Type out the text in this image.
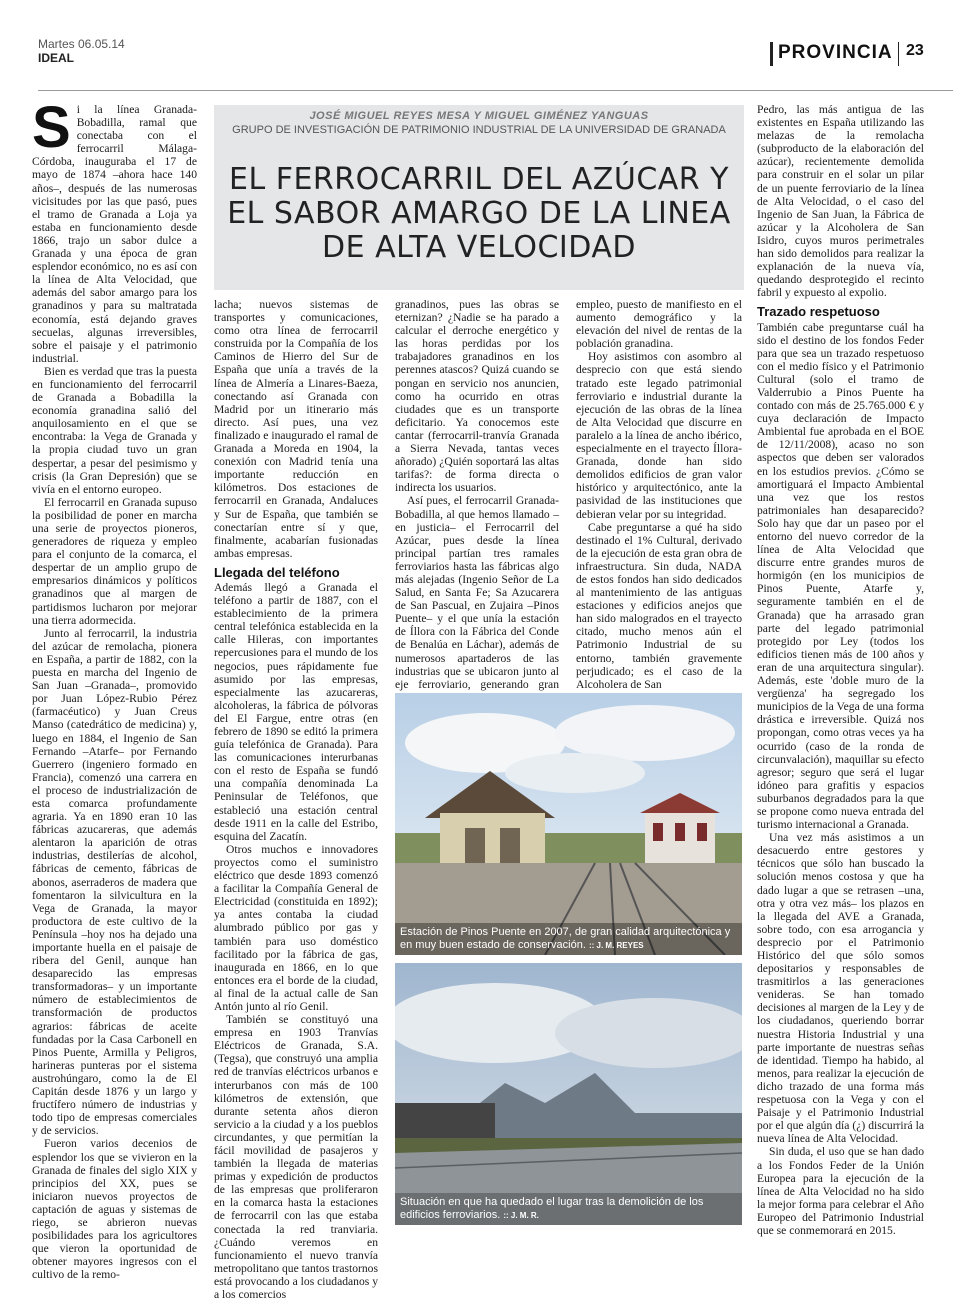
Martes 06.05.14
IDEAL	PROVINCIA 23
JOSÉ MIGUEL REYES MESA Y MIGUEL GIMÉNEZ YANGUAS
GRUPO DE INVESTIGACIÓN DE PATRIMONIO INDUSTRIAL DE LA UNIVERSIDAD DE GRANADA
EL FERROCARRIL DEL AZÚCAR Y EL SABOR AMARGO DE LA LINEA DE ALTA VELOCIDAD
S i la línea Granada-Bobadilla, ramal que conectaba con el ferrocarril Málaga-Córdoba, inauguraba el 17 de mayo de 1874 –ahora hace 140 años–, después de las numerosas vicisitudes por las que pasó, pues el tramo de Granada a Loja ya estaba en funcionamiento desde 1866, trajo un sabor dulce a Granada y una época de gran esplendor económico, no es así con la línea de Alta Velocidad, que además del sabor amargo para los granadinos y para su maltratada economía, está dejando graves secuelas, algunas irreversibles, sobre el paisaje y el patrimonio industrial.

Bien es verdad que tras la puesta en funcionamiento del ferrocarril de Granada a Bobadilla la economía granadina salió del anquilosamiento en el que se encontraba: la Vega de Granada y la propia ciudad tuvo un gran despertar, a pesar del pesimismo y crisis (la Gran Depresión) que se vivía en el entorno europeo.

El ferrocarril en Granada supuso la posibilidad de poner en marcha una serie de proyectos pioneros, generadores de riqueza y empleo para el conjunto de la comarca, el despertar de un amplio grupo de empresarios dinámicos y políticos granadinos que al margen de partidismos lucharon por mejorar una tierra adormecida.

Junto al ferrocarril, la industria del azúcar de remolacha, pionera en España, a partir de 1882, con la puesta en marcha del Ingenio de San Juan –Granada–, promovido por Juan López-Rubio Pérez (farmacéutico) y Juan Creus Manso (catedrático de medicina) y, luego en 1884, el Ingenio de San Fernando –Atarfe– por Fernando Guerrero (ingeniero formado en Francia), comenzó una carrera en el proceso de industrialización de esta comarca profundamente agraria. Ya en 1890 eran 10 las fábricas azucareras, que además alentaron la aparición de otras industrias, destilerías de alcohol, fábricas de cemento, fábricas de abonos, aserraderos de madera que fomentaron la silvicultura en la Vega de Granada, la mayor productora de este cultivo de la Península –hoy nos ha dejado una importante huella en el paisaje de ribera del Genil, aunque han desaparecido las empresas transformadoras– y un importante número de establecimientos de transformación de productos agrarios: fábricas de aceite fundadas por la Casa Carbonell en Pinos Puente, Armilla y Peligros, harineras punteras por el sistema austrohúngaro, como la de El Capitán desde 1876 y un largo y fructífero número de industrias y todo tipo de empresas comerciales y de servicios.

Fueron varios decenios de esplendor los que se vivieron en la Granada de finales del siglo XIX y principios del XX, pues se iniciaron nuevos proyectos de captación de aguas y sistemas de riego, se abrieron nuevas posibilidades para los agricultores que vieron la oportunidad de obtener mayores ingresos con el cultivo de la remo-

lacha; nuevos sistemas de transportes y comunicaciones, como otra línea de ferrocarril construida por la Compañía de los Caminos de Hierro del Sur de España que unía a través de la línea de Almería a Linares-Baeza, conectando así Granada con Madrid por un itinerario más directo. Así pues, una vez finalizado e inaugurado el ramal de Granada a Moreda en 1904, la conexión con Madrid tenía una importante reducción en kilómetros. Dos estaciones de ferrocarril en Granada, Andaluces y Sur de España, que también se conectarían entre sí y que, finalmente, acabarían fusionadas ambas empresas.

Llegada del teléfono

Además llegó a Granada el teléfono a partir de 1887, con el establecimiento de la primera central telefónica establecida en la calle Hileras, con importantes repercusiones para el mundo de los negocios, pues rápidamente fue asumido por las empresas, especialmente las azucareras, alcoholeras, la fábrica de pólvoras del El Fargue, entre otras (en febrero de 1890 se editó la primera guía telefónica de Granada). Para las comunicaciones interurbanas con el resto de España se fundó una compañía denominada La Peninsular de Teléfonos, que estableció una estación central desde 1911 en la calle del Estribo, esquina del Zacatín.

Otros muchos e innovadores proyectos como el suministro eléctrico que desde 1893 comenzó a facilitar la Compañía General de Electricidad (constituida en 1892); ya antes contaba la ciudad alumbrado público por gas y también para uso doméstico facilitado por la fábrica de gas, inaugurada en 1866, en lo que entonces era el borde de la ciudad, al final de la actual calle de San Antón junto al río Genil.

También se constituyó una empresa en 1903 Tranvías Eléctricos de Granada, S.A. (Tegsa), que construyó una amplia red de tranvías eléctricos urbanos e interurbanos con más de 100 kilómetros de extensión, que durante setenta años dieron servicio a la ciudad y a los pueblos circundantes, y que permitían la fácil movilidad de pasajeros y también la llegada de materias primas y expedición de productos de las empresas que proliferaron en la comarca hasta la estaciones de ferrocarril con las que estaba conectada la red tranviaria. ¿Cuándo veremos en funcionamiento el nuevo tranvía metropolitano que tantos trastornos está provocando a los ciudadanos y a los comercios

granadinos, pues las obras se eternizan? ¿Nadie se ha parado a calcular el derroche energético y las horas perdidas por los trabajadores granadinos en los perennes atascos? Quizá cuando se pongan en servicio nos anuncien, como ha ocurrido en otras ciudades que es un transporte deficitario. Ya conocemos este cantar (ferrocarril-tranvía Granada a Sierra Nevada, tantas veces añorado) ¿Quién soportará las altas tarifas?: de forma directa o indirecta los usuarios.

Así pues, el ferrocarril Granada-Bobadilla, al que hemos llamado –en justicia– el Ferrocarril del Azúcar, pues desde la línea principal partían tres ramales ferroviarios hasta las fábricas algo más alejadas (Ingenio Señor de La Salud, en Santa Fe; Sa Azucarera de San Pascual, en Zujaira –Pinos Puente– y el que unía la estación de Íllora con la Fábrica del Conde de Benalúa en Láchar), además de numerosos apartaderos de las industrias que se ubicaron junto al eje ferroviario, generando gran

empleo, puesto de manifiesto en el aumento demográfico y la elevación del nivel de rentas de la población granadina.

Hoy asistimos con asombro al desprecio con que está siendo tratado este legado patrimonial ferroviario e industrial durante la ejecución de las obras de la línea de Alta Velocidad que discurre en paralelo a la línea de ancho ibérico, especialmente en el trayecto Íllora-Granada, donde han sido demolidos edificios de gran valor histórico y arquitectónico, ante la pasividad de las instituciones que debieran velar por su integridad.

Cabe preguntarse a qué ha sido destinado el 1% Cultural, derivado de la ejecución de esta gran obra de infraestructura. Sin duda, NADA de estos fondos han sido dedicados al mantenimiento de las antiguas estaciones y edificios anejos que han sido malogrados en el trayecto citado, mucho menos aún el Patrimonio Industrial de su entorno, también gravemente perjudicado; es el caso de la Alcoholera de San

Pedro, las más antigua de las existentes en España utilizando las melazas de la remolacha (subproducto de la elaboración del azúcar), recientemente demolida para construir en el solar un pilar de un puente ferroviario de la línea de Alta Velocidad, o el caso del Ingenio de San Juan, la Fábrica de azúcar y la Alcoholera de San Isidro, cuyos muros perimetrales han sido demolidos para realizar la explanación de la nueva vía, quedando desprotegido el recinto fabril y expuesto al expolio.

Trazado respetuoso

También cabe preguntarse cuál ha sido el destino de los fondos Feder para que sea un trazado respetuoso con el medio físico y el Patrimonio Cultural (solo el tramo de Valderrubio a Pinos Puente ha contado con más de 25.765.000 € y cuya declaración de Impacto Ambiental fue aprobada en el BOE de 12/11/2008), acaso no son aspectos que deben ser valorados en los estudios previos. ¿Cómo se amortiguará el Impacto Ambiental una vez que los restos patrimoniales han desaparecido? Solo hay que dar un paseo por el entorno del nuevo corredor de la línea de Alta Velocidad que discurre entre grandes muros de hormigón (en los municipios de Pinos Puente, Atarfe y, seguramente también en el de Granada) que ha arrasado gran parte del legado patrimonial protegido por Ley (todos los edificios tienen más de 100 años y eran de una arquitectura singular). Además, este 'doble muro de la vergüenza' ha segregado los municipios de la Vega de una forma drástica e irreversible. Quizá nos propongan, como otras veces ya ha ocurrido (caso de la ronda de circunvalación), maquillar su efecto agresor; seguro que será el lugar idóneo para grafitis y espacios suburbanos degradados para la que se propone como nueva entrada del turismo internacional a Granada.

Una vez más asistimos a un desacuerdo entre gestores y técnicos que sólo han buscado la solución menos costosa y que ha dado lugar a que se retrasen –una, otra y otra vez más– los plazos en la llegada del AVE a Granada, sobre todo, con esa arrogancia y desprecio por el Patrimonio Histórico del que sólo somos depositarios y responsables de trasmitirlos a las generaciones venideras. Se han tomado decisiones al margen de la Ley y de los ciudadanos, queriendo borrar nuestra Historia Industrial y una parte importante de nuestras señas de identidad. Tiempo ha habido, al menos, para realizar la ejecución de dicho trazado de una forma más respetuosa con la Vega y con el Paisaje y el Patrimonio Industrial por el que algún día (¿) discurrirá la nueva línea de Alta Velocidad.

Sin duda, el uso que se han dado a los Fondos Feder de la Unión Europea para la ejecución de la línea de Alta Velocidad no ha sido la mejor forma para celebrar el Año Europeo del Patrimonio Industrial que se conmemorará en 2015.

Estación de Pinos Puente en 2007, de gran calidad arquitectónica y en muy buen estado de conservación. :: J. M. REYES
Situación en que ha quedado el lugar tras la demolición de los edificios ferroviarios. :: J. M. R.
